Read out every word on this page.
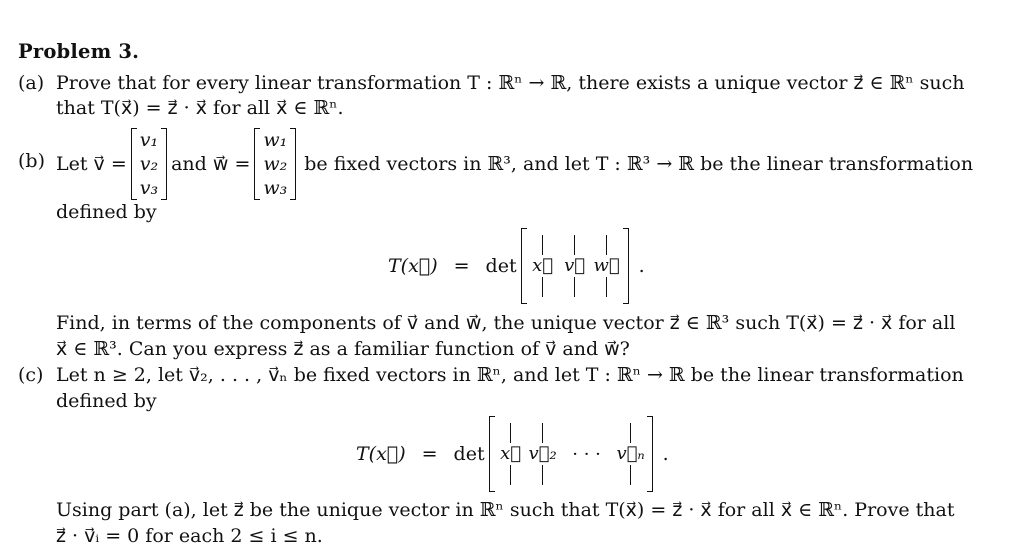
Problem 3.
(a) Prove that for every linear transformation T : ℝⁿ → ℝ, there exists a unique vector z⃗ ∈ ℝⁿ such
that T(x⃗) = z⃗ · x⃗ for all x⃗ ∈ ℝⁿ.
(b) Let v⃗ =
v₁
v₂
v₃
and w⃗ =
w₁
w₂
w₃
be fixed vectors in ℝ³, and let T : ℝ³ → ℝ be the linear transformation
defined by
T(x⃗) = det x⃗ v⃗ w⃗ .
Find, in terms of the components of v⃗ and w⃗, the unique vector z⃗ ∈ ℝ³ such T(x⃗) = z⃗ · x⃗ for all
x⃗ ∈ ℝ³. Can you express z⃗ as a familiar function of v⃗ and w⃗?
(c) Let n ≥ 2, let v⃗₂, . . . , v⃗ₙ be fixed vectors in ℝⁿ, and let T : ℝⁿ → ℝ be the linear transformation
defined by
T(x⃗) = det x⃗ v⃗₂ · · · v⃗ₙ .
Using part (a), let z⃗ be the unique vector in ℝⁿ such that T(x⃗) = z⃗ · x⃗ for all x⃗ ∈ ℝⁿ. Prove that
z⃗ · v⃗ᵢ = 0 for each 2 ≤ i ≤ n.
